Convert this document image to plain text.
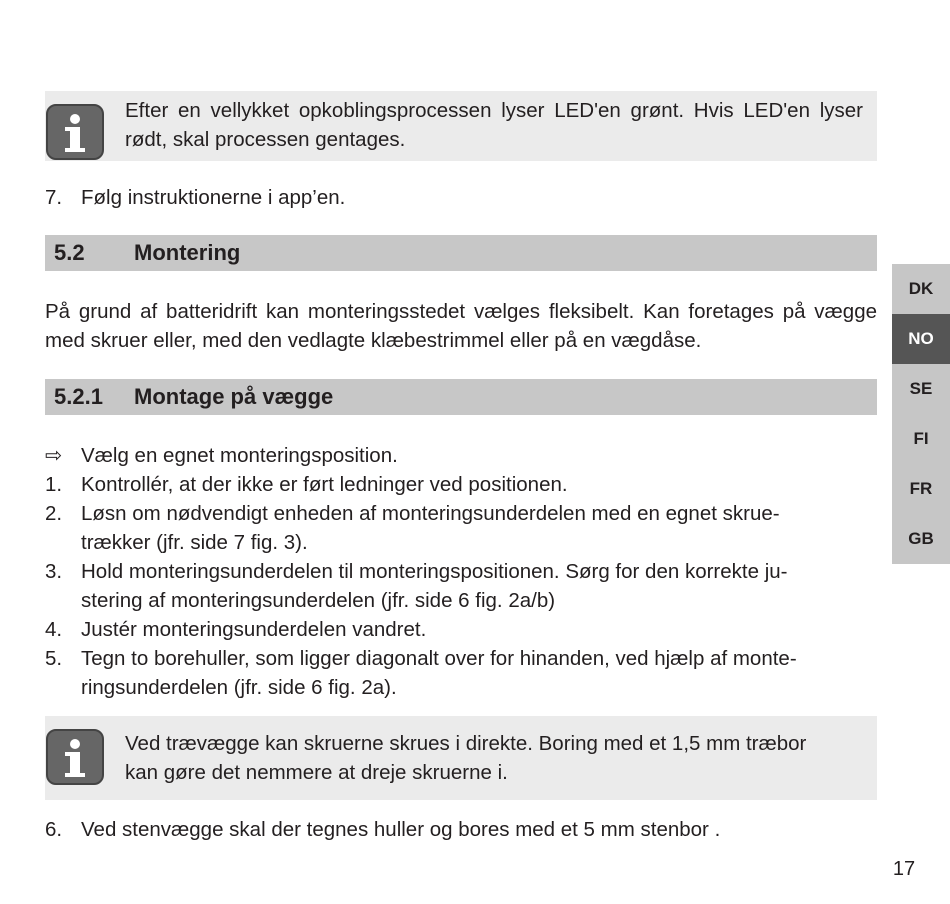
Efter en vellykket opkoblingsprocessen lyser LED'en grønt. Hvis LED'en lyser rødt, skal processen gentages.
7. Følg instruktionerne i app’en.
5.2 Montering
På grund af batteridrift kan monteringsstedet vælges fleksibelt. Kan foretages på vægge med skruer eller, med den vedlagte klæbestrimmel eller på en vægdåse.
5.2.1 Montage på vægge
⇨ Vælg en egnet monteringsposition.
1. Kontrollér, at der ikke er ført ledninger ved positionen.
2. Løsn om nødvendigt enheden af monteringsunderdelen med en egnet skrue-
trækker (jfr. side 7 fig. 3).
3. Hold monteringsunderdelen til monteringspositionen. Sørg for den korrekte ju-
stering af monteringsunderdelen (jfr. side 6 fig. 2a/b)
4. Justér monteringsunderdelen vandret.
5. Tegn to borehuller, som ligger diagonalt over for hinanden, ved hjælp af monte-
ringsunderdelen (jfr. side 6 fig. 2a).
Ved trævægge kan skruerne skrues i direkte. Boring med et 1,5 mm træbor kan gøre det nemmere at dreje skruerne i.
6. Ved stenvægge skal der tegnes huller og bores med et 5 mm stenbor .
DK
NO
SE
FI
FR
GB
17
